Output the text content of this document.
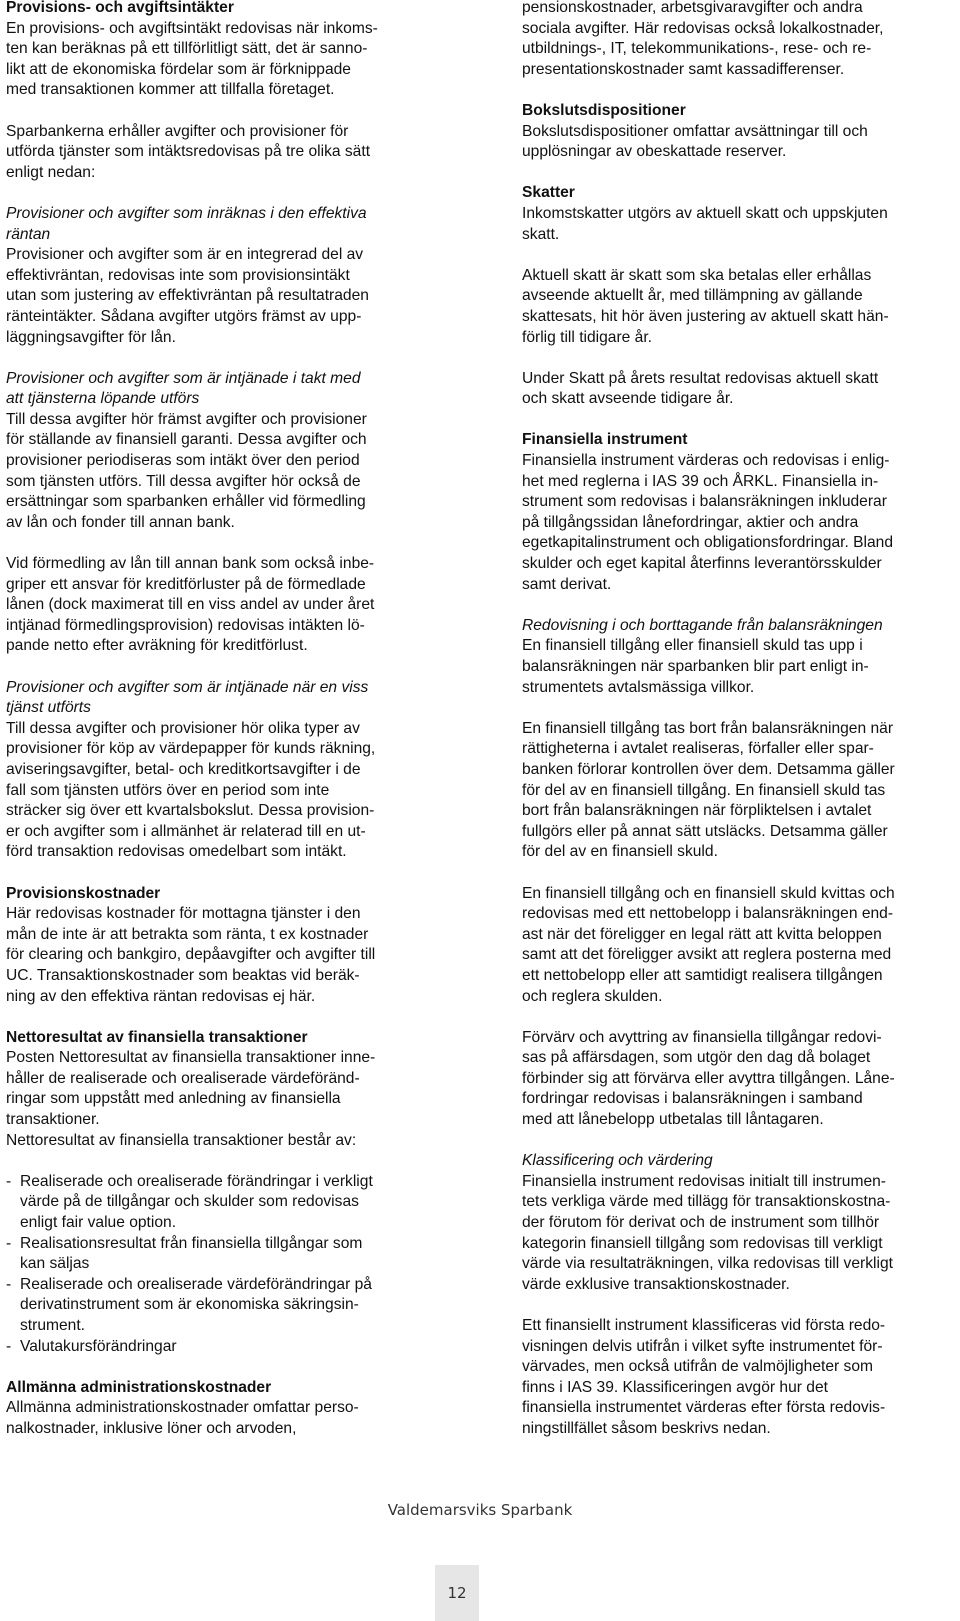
Provisions- och avgiftsintäkter

En provisions- och avgiftsintäkt redovisas när inkoms-
ten kan beräknas på ett tillförlitligt sätt, det är sanno-
likt att de ekonomiska fördelar som är förknippade
med transaktionen kommer att tillfalla företaget.

Sparbankerna erhåller avgifter och provisioner för
utförda tjänster som intäktsredovisas på tre olika sätt
enligt nedan:

Provisioner och avgifter som inräknas i den effektiva
räntan

Provisioner och avgifter som är en integrerad del av
effektivräntan, redovisas inte som provisionsintäkt
utan som justering av effektivräntan på resultatraden
ränteintäkter. Sådana avgifter utgörs främst av upp-
läggningsavgifter för lån.

Provisioner och avgifter som är intjänade i takt med
att tjänsterna löpande utförs

Till dessa avgifter hör främst avgifter och provisioner
för ställande av finansiell garanti. Dessa avgifter och
provisioner periodiseras som intäkt över den period
som tjänsten utförs. Till dessa avgifter hör också de
ersättningar som sparbanken erhåller vid förmedling
av lån och fonder till annan bank.

Vid förmedling av lån till annan bank som också inbe-
griper ett ansvar för kreditförluster på de förmedlade
lånen (dock maximerat till en viss andel av under året
intjänad förmedlingsprovision) redovisas intäkten lö-
pande netto efter avräkning för kreditförlust.

Provisioner och avgifter som är intjänade när en viss
tjänst utförts

Till dessa avgifter och provisioner hör olika typer av
provisioner för köp av värdepapper för kunds räkning,
aviseringsavgifter, betal- och kreditkortsavgifter i de
fall som tjänsten utförs över en period som inte
sträcker sig över ett kvartalsbokslut. Dessa provision-
er och avgifter som i allmänhet är relaterad till en ut-
förd transaktion redovisas omedelbart som intäkt.

Provisionskostnader

Här redovisas kostnader för mottagna tjänster i den
mån de inte är att betrakta som ränta, t ex kostnader
för clearing och bankgiro, depåavgifter och avgifter till
UC. Transaktionskostnader som beaktas vid beräk-
ning av den effektiva räntan redovisas ej här.

Nettoresultat av finansiella transaktioner

Posten Nettoresultat av finansiella transaktioner inne-
håller de realiserade och orealiserade värdeföränd-
ringar som uppstått med anledning av finansiella
transaktioner.
Nettoresultat av finansiella transaktioner består av:

- Realiserade och orealiserade förändringar i verkligt
värde på de tillgångar och skulder som redovisas
enligt fair value option.
- Realisationsresultat från finansiella tillgångar som
kan säljas
- Realiserade och orealiserade värdeförändringar på
derivatinstrument som är ekonomiska säkringsin-
strument.
- Valutakursförändringar
Allmänna administrationskostnader

Allmänna administrationskostnader omfattar perso-
nalkostnader, inklusive löner och arvoden,

pensionskostnader, arbetsgivaravgifter och andra
sociala avgifter. Här redovisas också lokalkostnader,
utbildnings-, IT, telekommunikations-, rese- och re-
presentationskostnader samt kassadifferenser.

Bokslutsdispositioner

Bokslutsdispositioner omfattar avsättningar till och
upplösningar av obeskattade reserver.

Skatter

Inkomstskatter utgörs av aktuell skatt och uppskjuten
skatt.

Aktuell skatt är skatt som ska betalas eller erhållas
avseende aktuellt år, med tillämpning av gällande
skattesats, hit hör även justering av aktuell skatt hän-
förlig till tidigare år.

Under Skatt på årets resultat redovisas aktuell skatt
och skatt avseende tidigare år.

Finansiella instrument

Finansiella instrument värderas och redovisas i enlig-
het med reglerna i IAS 39 och ÅRKL. Finansiella in-
strument som redovisas i balansräkningen inkluderar
på tillgångssidan lånefordringar, aktier och andra
egetkapitalinstrument och obligationsfordringar. Bland
skulder och eget kapital återfinns leverantörsskulder
samt derivat.

Redovisning i och borttagande från balansräkningen

En finansiell tillgång eller finansiell skuld tas upp i
balansräkningen när sparbanken blir part enligt in-
strumentets avtalsmässiga villkor.

En finansiell tillgång tas bort från balansräkningen när
rättigheterna i avtalet realiseras, förfaller eller spar-
banken förlorar kontrollen över dem. Detsamma gäller
för del av en finansiell tillgång. En finansiell skuld tas
bort från balansräkningen när förpliktelsen i avtalet
fullgörs eller på annat sätt utsläcks. Detsamma gäller
för del av en finansiell skuld.

En finansiell tillgång och en finansiell skuld kvittas och
redovisas med ett nettobelopp i balansräkningen end-
ast när det föreligger en legal rätt att kvitta beloppen
samt att det föreligger avsikt att reglera posterna med
ett nettobelopp eller att samtidigt realisera tillgången
och reglera skulden.

Förvärv och avyttring av finansiella tillgångar redovi-
sas på affärsdagen, som utgör den dag då bolaget
förbinder sig att förvärva eller avyttra tillgången. Låne-
fordringar redovisas i balansräkningen i samband
med att lånebelopp utbetalas till låntagaren.

Klassificering och värdering

Finansiella instrument redovisas initialt till instrumen-
tets verkliga värde med tillägg för transaktionskostna-
der förutom för derivat och de instrument som tillhör
kategorin finansiell tillgång som redovisas till verkligt
värde via resultaträkningen, vilka redovisas till verkligt
värde exklusive transaktionskostnader.

Ett finansiellt instrument klassificeras vid första redo-
visningen delvis utifrån i vilket syfte instrumentet för-
värvades, men också utifrån de valmöjligheter som
finns i IAS 39. Klassificeringen avgör hur det
finansiella instrumentet värderas efter första redovis-
ningstillfället såsom beskrivs nedan.

Valdemarsviks Sparbank
12
